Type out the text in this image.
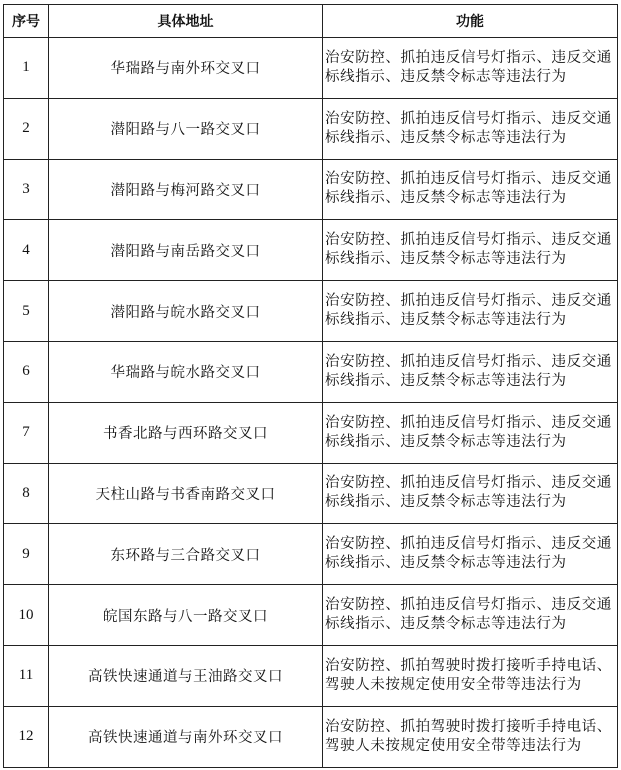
序号	具体地址	功能
1	华瑞路与南外环交叉口	治安防控、抓拍违反信号灯指示、违反交通标线指示、违反禁令标志等违法行为
2	潜阳路与八一路交叉口	治安防控、抓拍违反信号灯指示、违反交通标线指示、违反禁令标志等违法行为
3	潜阳路与梅河路交叉口	治安防控、抓拍违反信号灯指示、违反交通标线指示、违反禁令标志等违法行为
4	潜阳路与南岳路交叉口	治安防控、抓拍违反信号灯指示、违反交通标线指示、违反禁令标志等违法行为
5	潜阳路与皖水路交叉口	治安防控、抓拍违反信号灯指示、违反交通标线指示、违反禁令标志等违法行为
6	华瑞路与皖水路交叉口	治安防控、抓拍违反信号灯指示、违反交通标线指示、违反禁令标志等违法行为
7	书香北路与西环路交叉口	治安防控、抓拍违反信号灯指示、违反交通标线指示、违反禁令标志等违法行为
8	天柱山路与书香南路交叉口	治安防控、抓拍违反信号灯指示、违反交通标线指示、违反禁令标志等违法行为
9	东环路与三合路交叉口	治安防控、抓拍违反信号灯指示、违反交通标线指示、违反禁令标志等违法行为
10	皖国东路与八一路交叉口	治安防控、抓拍违反信号灯指示、违反交通标线指示、违反禁令标志等违法行为
11	高铁快速通道与王油路交叉口	治安防控、抓拍驾驶时拨打接听手持电话、驾驶人未按规定使用安全带等违法行为
12	高铁快速通道与南外环交叉口	治安防控、抓拍驾驶时拨打接听手持电话、驾驶人未按规定使用安全带等违法行为
